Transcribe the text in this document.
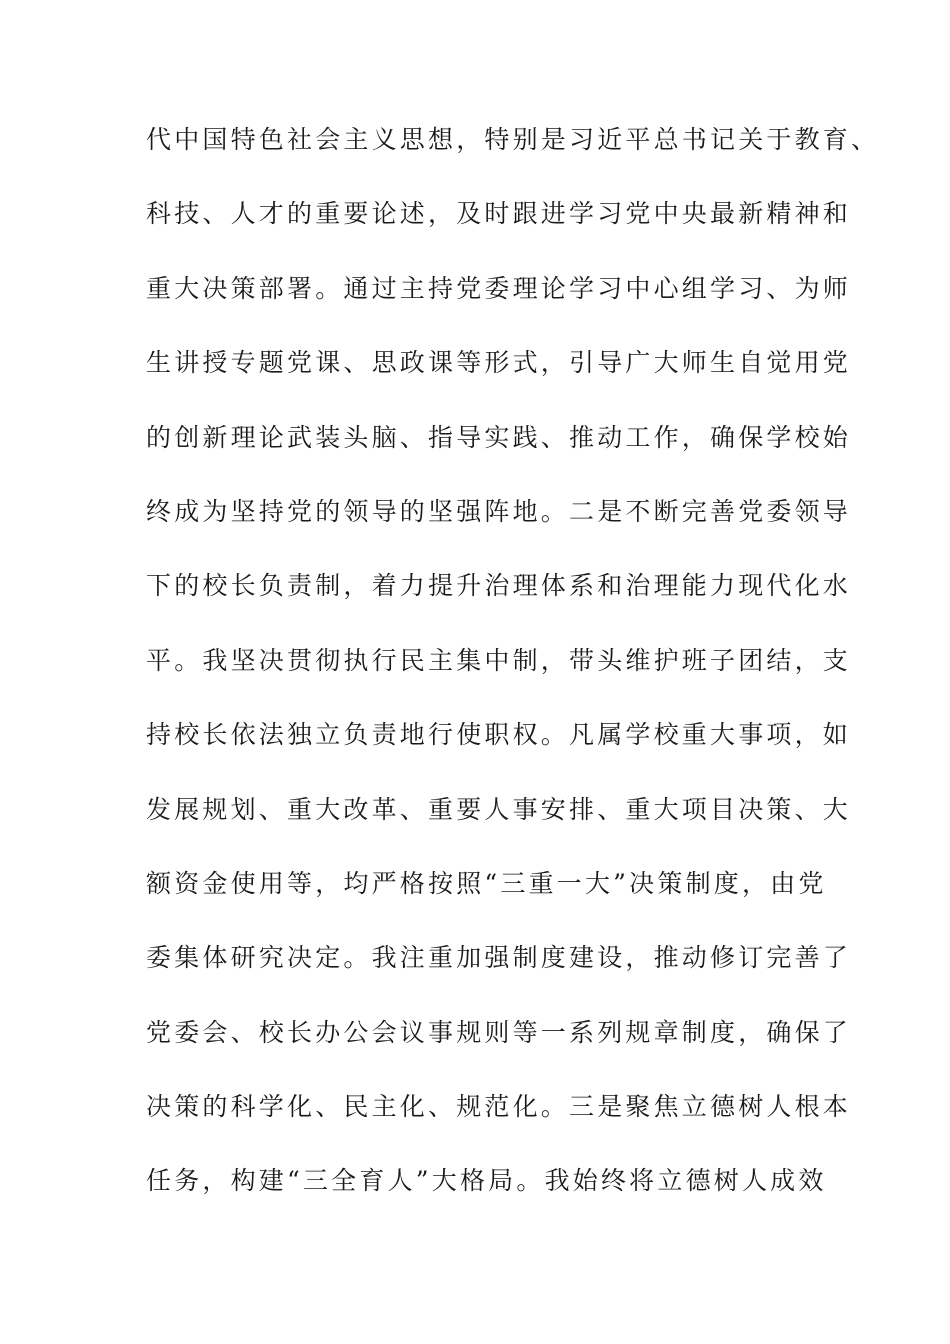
代中国特色社会主义思想，特别是习近平总书记关于教育、
科技、人才的重要论述，及时跟进学习党中央最新精神和
重大决策部署。通过主持党委理论学习中心组学习、为师
生讲授专题党课、思政课等形式，引导广大师生自觉用党
的创新理论武装头脑、指导实践、推动工作，确保学校始
终成为坚持党的领导的坚强阵地。二是不断完善党委领导
下的校长负责制，着力提升治理体系和治理能力现代化水
平。我坚决贯彻执行民主集中制，带头维护班子团结，支
持校长依法独立负责地行使职权。凡属学校重大事项，如
发展规划、重大改革、重要人事安排、重大项目决策、大
额资金使用等，均严格按照“三重一大”决策制度，由党
委集体研究决定。我注重加强制度建设，推动修订完善了
党委会、校长办公会议事规则等一系列规章制度，确保了
决策的科学化、民主化、规范化。三是聚焦立德树人根本
任务，构建“三全育人”大格局。我始终将立德树人成效
